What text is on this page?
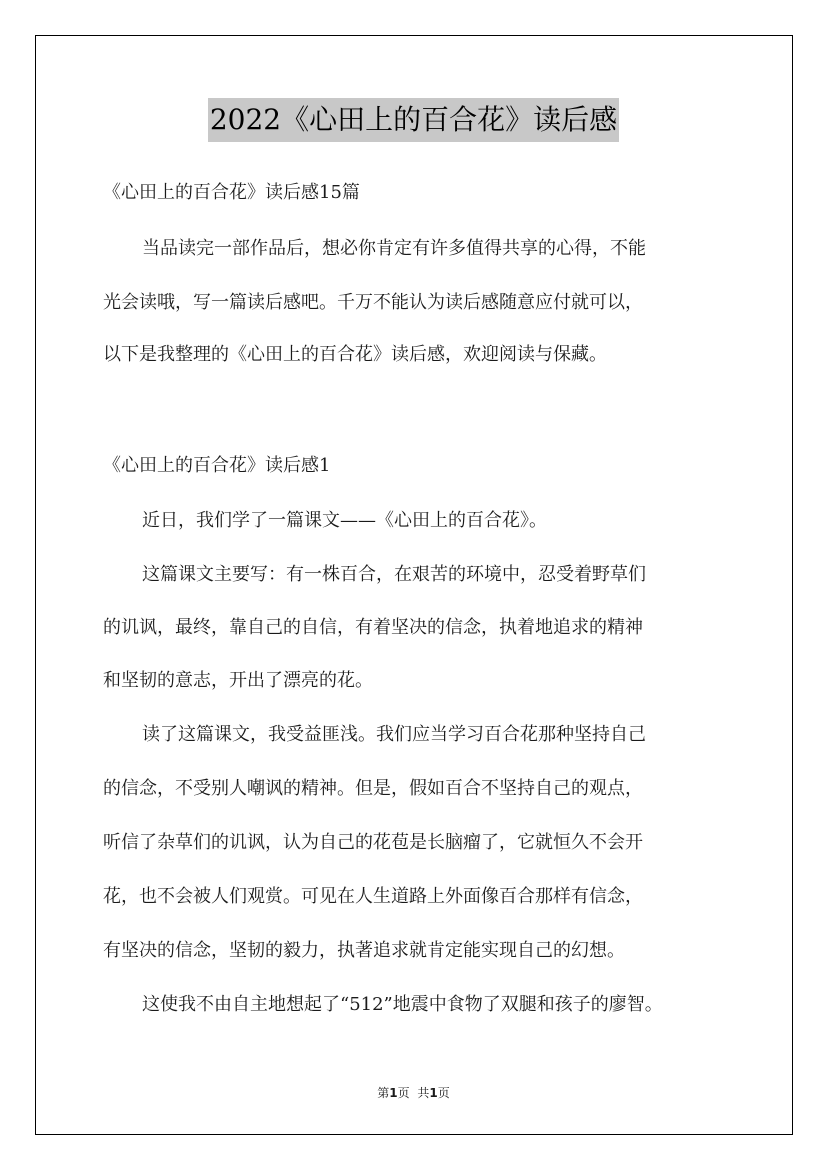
2022《心田上的百合花》读后感
《心田上的百合花》读后感15篇
当品读完一部作品后，想必你肯定有许多值得共享的心得，不能
光会读哦，写一篇读后感吧。千万不能认为读后感随意应付就可以，
以下是我整理的《心田上的百合花》读后感，欢迎阅读与保藏。
《心田上的百合花》读后感1
近日，我们学了一篇课文——《心田上的百合花》。
这篇课文主要写：有一株百合，在艰苦的环境中，忍受着野草们
的讥讽，最终，靠自己的自信，有着坚决的信念，执着地追求的精神
和坚韧的意志，开出了漂亮的花。
读了这篇课文，我受益匪浅。我们应当学习百合花那种坚持自己
的信念，不受别人嘲讽的精神。但是，假如百合不坚持自己的观点，
听信了杂草们的讥讽，认为自己的花苞是长脑瘤了，它就恒久不会开
花，也不会被人们观赏。可见在人生道路上外面像百合那样有信念，
有坚决的信念，坚韧的毅力，执著追求就肯定能实现自己的幻想。
这使我不由自主地想起了“512”地震中食物了双腿和孩子的廖智。
第1页 共1页
